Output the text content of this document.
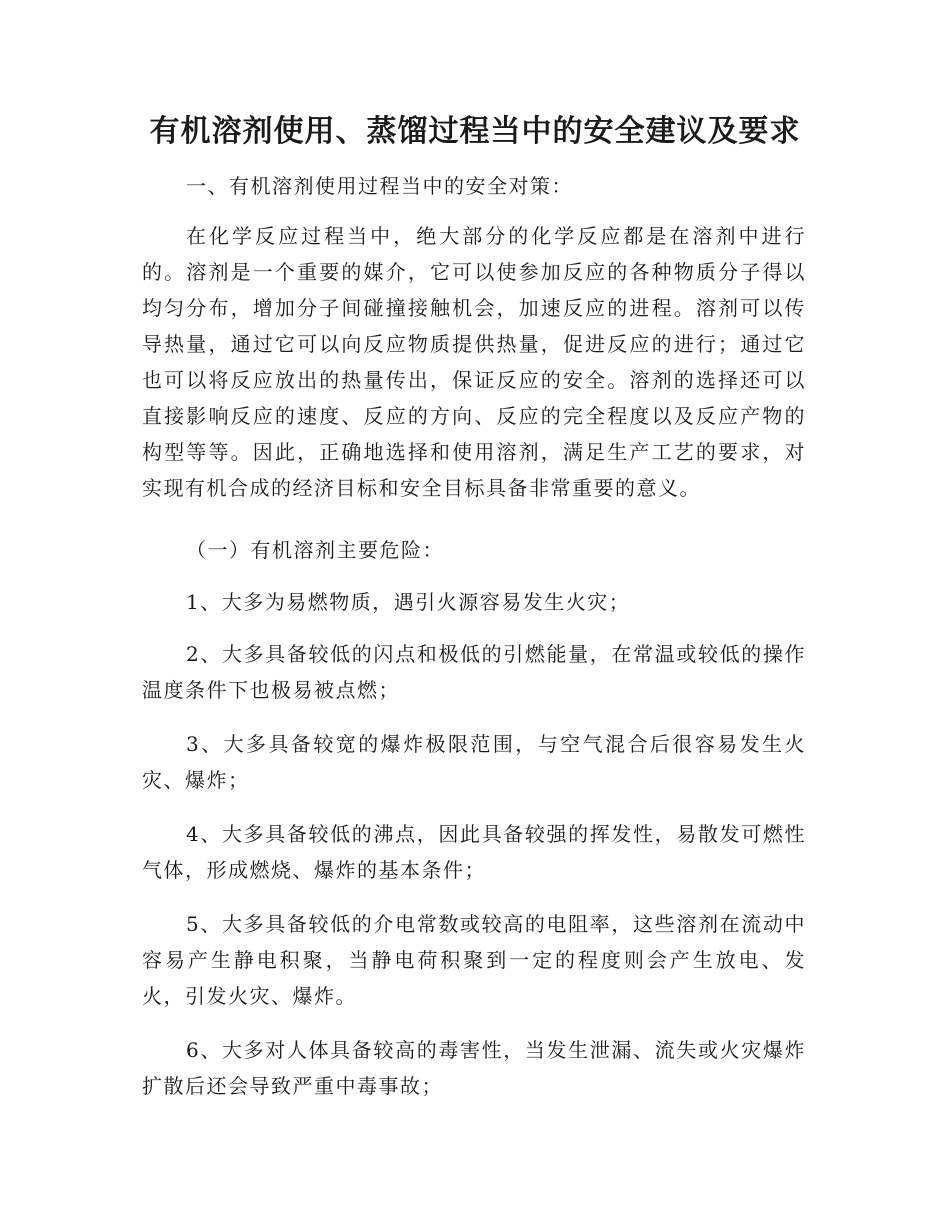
有机溶剂使用、蒸馏过程当中的安全建议及要求

一、有机溶剂使用过程当中的安全对策：

在化学反应过程当中，绝大部分的化学反应都是在溶剂中进行的。溶剂是一个重要的媒介，它可以使参加反应的各种物质分子得以均匀分布，增加分子间碰撞接触机会，加速反应的进程。溶剂可以传导热量，通过它可以向反应物质提供热量，促进反应的进行；通过它也可以将反应放出的热量传出，保证反应的安全。溶剂的选择还可以直接影响反应的速度、反应的方向、反应的完全程度以及反应产物的构型等等。因此，正确地选择和使用溶剂，满足生产工艺的要求，对实现有机合成的经济目标和安全目标具备非常重要的意义。

（一）有机溶剂主要危险：

1、大多为易燃物质，遇引火源容易发生火灾；

2、大多具备较低的闪点和极低的引燃能量，在常温或较低的操作温度条件下也极易被点燃；

3、大多具备较宽的爆炸极限范围，与空气混合后很容易发生火灾、爆炸；

4、大多具备较低的沸点，因此具备较强的挥发性，易散发可燃性气体，形成燃烧、爆炸的基本条件；

5、大多具备较低的介电常数或较高的电阻率，这些溶剂在流动中容易产生静电积聚，当静电荷积聚到一定的程度则会产生放电、发火，引发火灾、爆炸。

6、大多对人体具备较高的毒害性，当发生泄漏、流失或火灾爆炸扩散后还会导致严重中毒事故；
